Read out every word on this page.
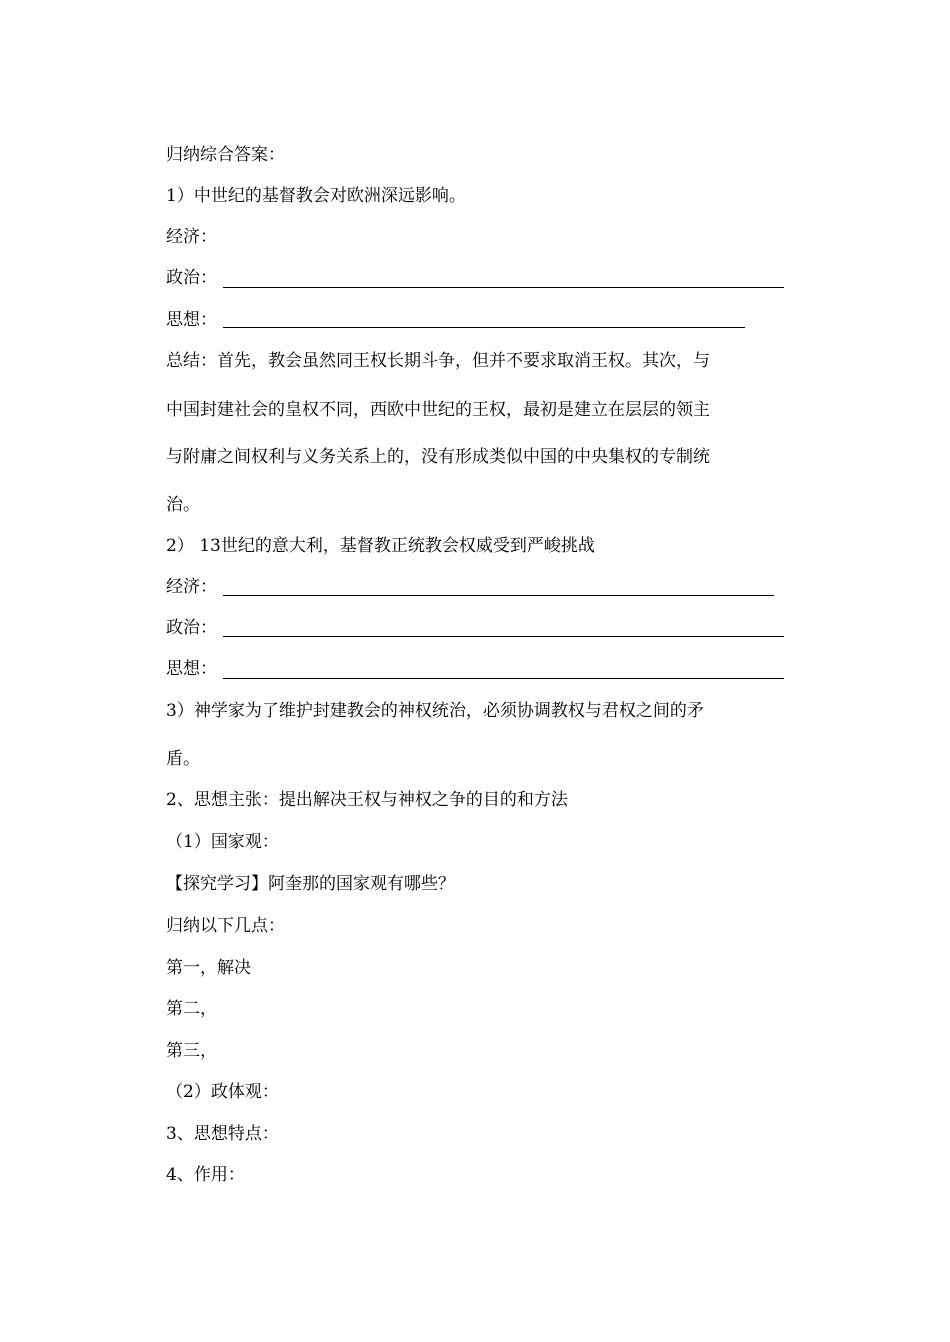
归纳综合答案：
1）中世纪的基督教会对欧洲深远影响。
经济：
政治：
思想：
总结：首先，教会虽然同王权长期斗争，但并不要求取消王权。其次，与
中国封建社会的皇权不同，西欧中世纪的王权，最初是建立在层层的领主
与附庸之间权利与义务关系上的，没有形成类似中国的中央集权的专制统
治。
2） 13世纪的意大利，基督教正统教会权威受到严峻挑战
经济：
政治：
思想：
3）神学家为了维护封建教会的神权统治，必须协调教权与君权之间的矛
盾。
2、思想主张：提出解决王权与神权之争的目的和方法
（1）国家观：
【探究学习】阿奎那的国家观有哪些？
归纳以下几点：
第一，解决
第二，
第三，
（2）政体观：
3、思想特点：
4、作用：
